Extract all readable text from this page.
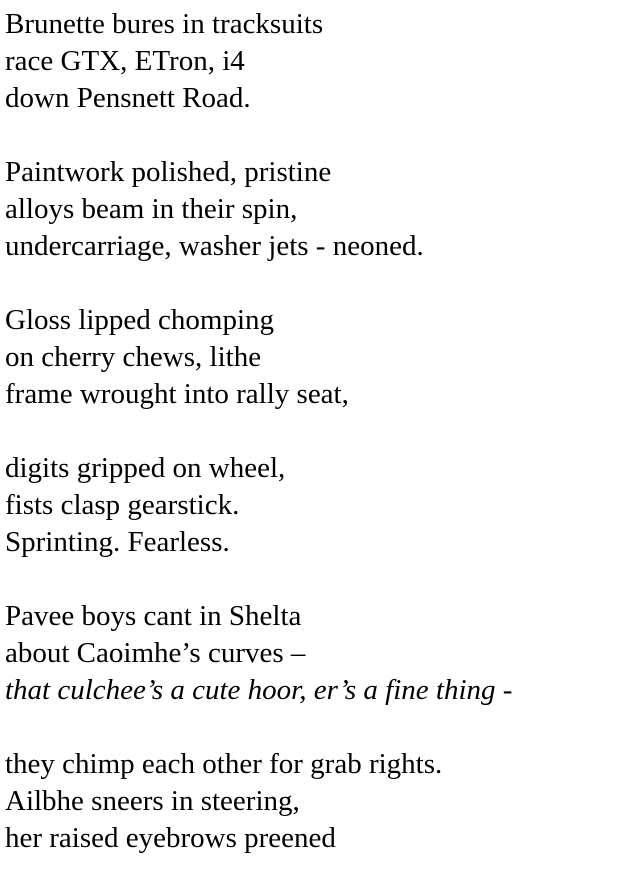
Brunette bures in tracksuits
race GTX, ETron, i4
down Pensnett Road.
Paintwork polished, pristine
alloys beam in their spin,
undercarriage, washer jets - neoned.
Gloss lipped chomping
on cherry chews, lithe
frame wrought into rally seat,
digits gripped on wheel,
fists clasp gearstick.
Sprinting. Fearless.
Pavee boys cant in Shelta
about Caoimhe’s curves –
that culchee’s a cute hoor, er’s a fine thing -
they chimp each other for grab rights.
Ailbhe sneers in steering,
her raised eyebrows preened
